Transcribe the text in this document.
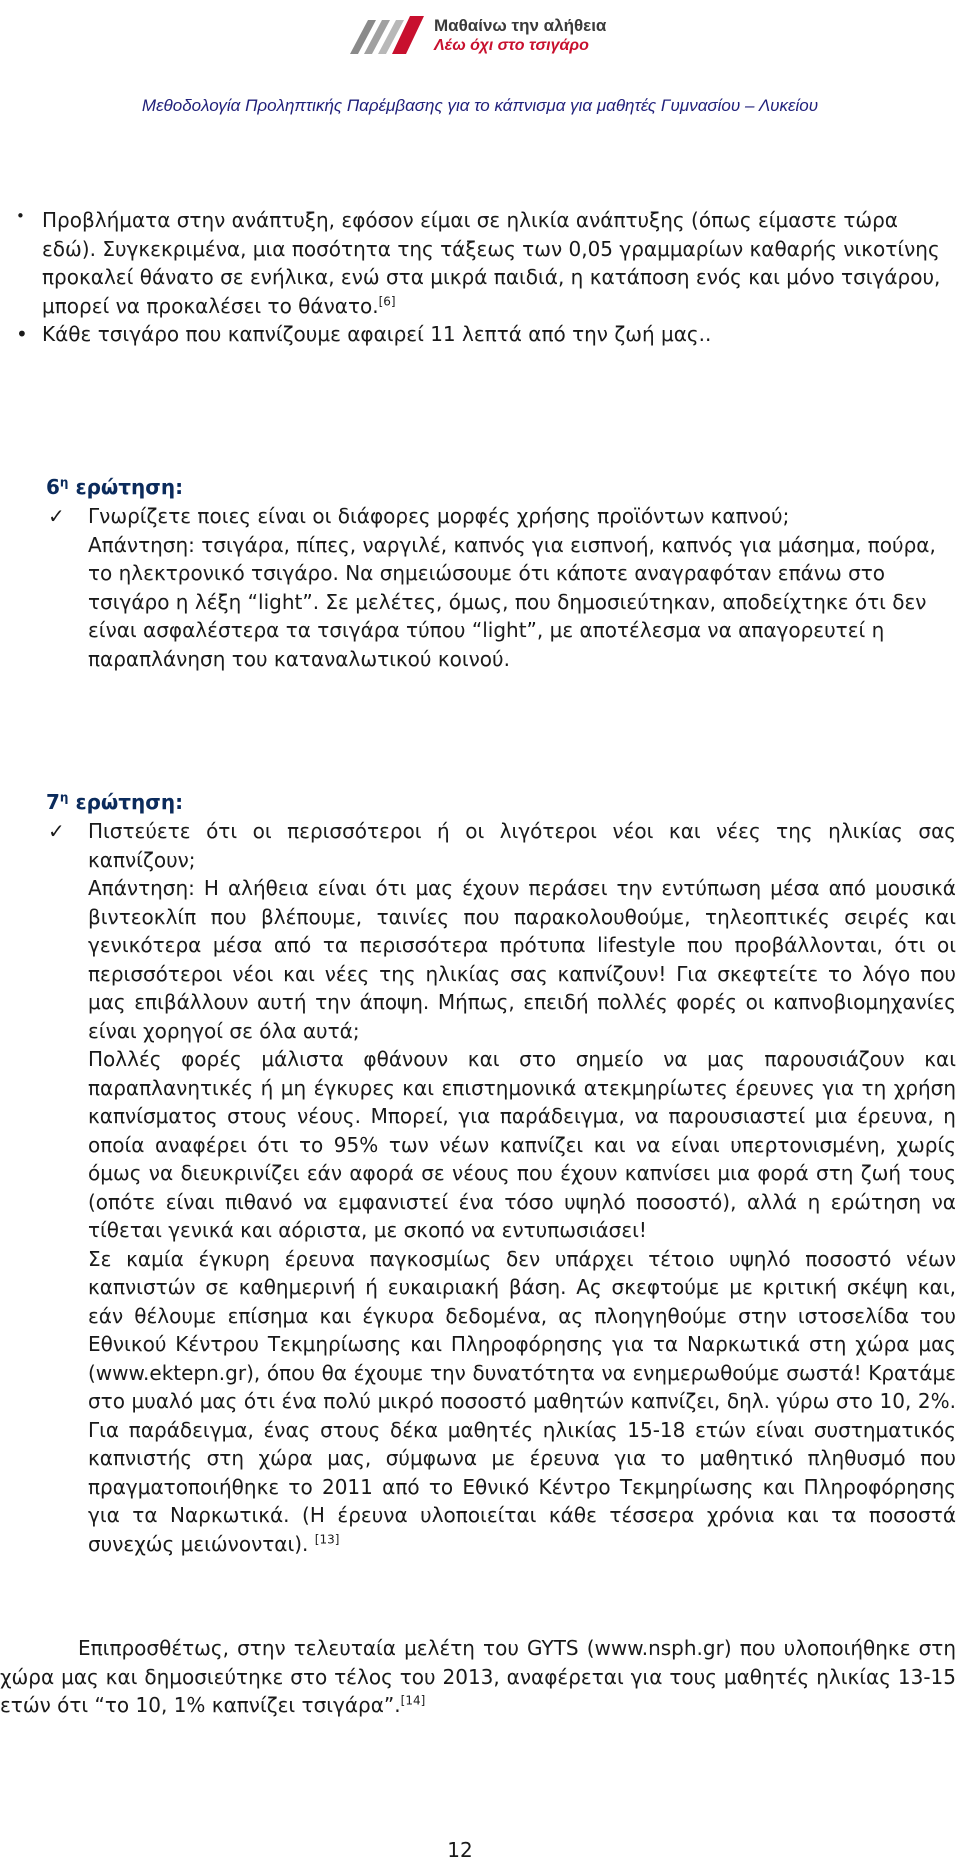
Μαθαίνω την αλήθεια
Λέω όχι στο τσιγάρο
Μεθοδολογία Προληπτικής Παρέμβασης για το κάπνισμα για μαθητές Γυμνασίου – Λυκείου
• Προβλήματα στην ανάπτυξη, εφόσον είμαι σε ηλικία ανάπτυξης (όπως είμαστε τώρα εδώ). Συγκεκριμένα, μια ποσότητα της τάξεως των 0,05 γραμμαρίων καθαρής νικοτίνης προκαλεί θάνατο σε ενήλικα, ενώ στα μικρά παιδιά, η κατάποση ενός και μόνο τσιγάρου, μπορεί να προκαλέσει το θάνατο.[6]

• Κάθε τσιγάρο που καπνίζουμε αφαιρεί 11 λεπτά από την ζωή μας..

$6^\eta$ ερώτηση:
✓ Γνωρίζετε ποιες είναι οι διάφορες μορφές χρήσης προϊόντων καπνού;

Απάντηση: τσιγάρα, πίπες, ναργιλέ, καπνός για εισπνοή, καπνός για μάσημα, πούρα, το ηλεκτρονικό τσιγάρο. Να σημειώσουμε ότι κάποτε αναγραφόταν επάνω στο τσιγάρο η λέξη “light”. Σε μελέτες, όμως, που δημοσιεύτηκαν, αποδείχτηκε ότι δεν είναι ασφαλέστερα τα τσιγάρα τύπου “light”, με αποτέλεσμα να απαγορευτεί η παραπλάνηση του καταναλωτικού κοινού.

$7^\eta$ ερώτηση:
✓ Πιστεύετε ότι οι περισσότεροι ή οι λιγότεροι νέοι και νέες της ηλικίας σας καπνίζουν;

Απάντηση: Η αλήθεια είναι ότι μας έχουν περάσει την εντύπωση μέσα από μουσικά βιντεοκλίπ που βλέπουμε, ταινίες που παρακολουθούμε, τηλεοπτικές σειρές και γενικότερα μέσα από τα περισσότερα πρότυπα lifestyle που προβάλλονται, ότι οι περισσότεροι νέοι και νέες της ηλικίας σας καπνίζουν! Για σκεφτείτε το λόγο που μας επιβάλλουν αυτή την άποψη. Μήπως, επειδή πολλές φορές οι καπνοβιομηχανίες είναι χορηγοί σε όλα αυτά;

Πολλές φορές μάλιστα φθάνουν και στο σημείο να μας παρουσιάζουν και παραπλανητικές ή μη έγκυρες και επιστημονικά ατεκμηρίωτες έρευνες για τη χρήση καπνίσματος στους νέους. Μπορεί, για παράδειγμα, να παρουσιαστεί μια έρευνα, η οποία αναφέρει ότι το 95% των νέων καπνίζει και να είναι υπερτονισμένη, χωρίς όμως να διευκρινίζει εάν αφορά σε νέους που έχουν καπνίσει μια φορά στη ζωή τους (οπότε είναι πιθανό να εμφανιστεί ένα τόσο υψηλό ποσοστό), αλλά η ερώτηση να τίθεται γενικά και αόριστα, με σκοπό να εντυπωσιάσει!

Σε καμία έγκυρη έρευνα παγκοσμίως δεν υπάρχει τέτοιο υψηλό ποσοστό νέων καπνιστών σε καθημερινή ή ευκαιριακή βάση. Ας σκεφτούμε με κριτική σκέψη και, εάν θέλουμε επίσημα και έγκυρα δεδομένα, ας πλοηγηθούμε στην ιστοσελίδα του Εθνικού Κέντρου Τεκμηρίωσης και Πληροφόρησης για τα Ναρκωτικά στη χώρα μας (www.ektepn.gr), όπου θα έχουμε την δυνατότητα να ενημερωθούμε σωστά! Κρατάμε στο μυαλό μας ότι ένα πολύ μικρό ποσοστό μαθητών καπνίζει, δηλ. γύρω στο 10, 2%. Για παράδειγμα, ένας στους δέκα μαθητές ηλικίας 15-18 ετών είναι συστηματικός καπνιστής στη χώρα μας, σύμφωνα με έρευνα για το μαθητικό πληθυσμό που πραγματοποιήθηκε το 2011 από το Εθνικό Κέντρο Τεκμηρίωσης και Πληροφόρησης για τα Ναρκωτικά. (Η έρευνα υλοποιείται κάθε τέσσερα χρόνια και τα ποσοστά συνεχώς μειώνονται). [13]

Επιπροσθέτως, στην τελευταία μελέτη του GYTS (www.nsph.gr) που υλοποιήθηκε στη χώρα μας και δημοσιεύτηκε στο τέλος του 2013, αναφέρεται για τους μαθητές ηλικίας 13-15 ετών ότι “το 10, 1% καπνίζει τσιγάρα”.[14]

12
